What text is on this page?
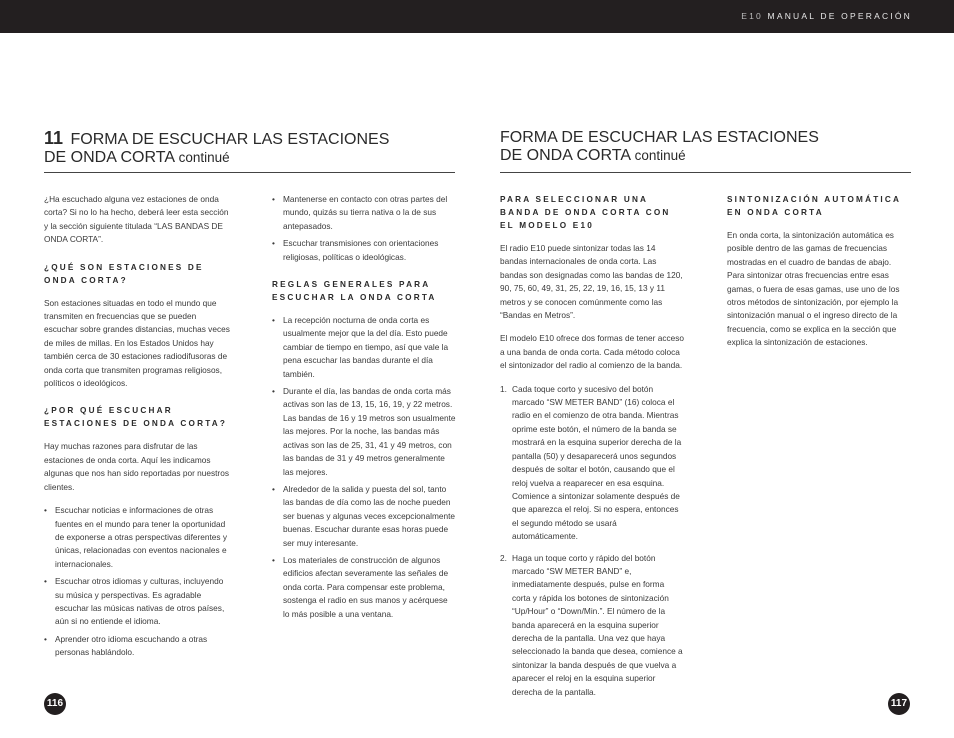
E10 MANUAL DE OPERACIÓN
11 FORMA DE ESCUCHAR LAS ESTACIONES
DE ONDA CORTA continué

¿Ha escuchado alguna vez estaciones de onda corta? Si no lo ha hecho, deberá leer esta sección y la sección siguiente titulada “LAS BANDAS DE ONDA CORTA”.

¿QUÉ SON ESTACIONES DE ONDA CORTA?

Son estaciones situadas en todo el mundo que transmiten en frecuencias que se pueden escuchar sobre grandes distancias, muchas veces de miles de millas. En los Estados Unidos hay también cerca de 30 estaciones radiodifusoras de onda corta que transmiten programas religiosos, políticos o ideológicos.

¿POR QUÉ ESCUCHAR ESTACIONES DE ONDA CORTA?

Hay muchas razones para disfrutar de las estaciones de onda corta. Aquí les indicamos algunas que nos han sido reportadas por nuestros clientes.

• Escuchar noticias e informaciones de otras fuentes en el mundo para tener la oportunidad de exponerse a otras perspectivas diferentes y únicas, relacionadas con eventos nacionales e internacionales.
• Escuchar otros idiomas y culturas, incluyendo su música y perspectivas. Es agradable escuchar las músicas nativas de otros países, aún si no entiende el idioma.
• Aprender otro idioma escuchando a otras personas hablándolo.
• Mantenerse en contacto con otras partes del mundo, quizás su tierra nativa o la de sus antepasados.
• Escuchar transmisiones con orientaciones religiosas, políticas o ideológicas.
REGLAS GENERALES PARA ESCUCHAR LA ONDA CORTA
• La recepción nocturna de onda corta es usualmente mejor que la del día. Esto puede cambiar de tiempo en tiempo, así que vale la pena escuchar las bandas durante el día también.
• Durante el día, las bandas de onda corta más activas son las de 13, 15, 16, 19, y 22 metros. Las bandas de 16 y 19 metros son usualmente las mejores. Por la noche, las bandas más activas son las de 25, 31, 41 y 49 metros, con las bandas de 31 y 49 metros generalmente las mejores.
• Alrededor de la salida y puesta del sol, tanto las bandas de día como las de noche pueden ser buenas y algunas veces excepcionalmente buenas. Escuchar durante esas horas puede ser muy interesante.
• Los materiales de construcción de algunos edificios afectan severamente las señales de onda corta. Para compensar este problema, sostenga el radio en sus manos y acérquese lo más posible a una ventana.
116
FORMA DE ESCUCHAR LAS ESTACIONES
DE ONDA CORTA continué
PARA SELECCIONAR UNA BANDA DE ONDA CORTA CON EL MODELO E10

El radio E10 puede sintonizar todas las 14 bandas internacionales de onda corta. Las bandas son designadas como las bandas de 120, 90, 75, 60, 49, 31, 25, 22, 19, 16, 15, 13 y 11 metros y se conocen comúnmente como las “Bandas en Metros”.

El modelo E10 ofrece dos formas de tener acceso a una banda de onda corta. Cada método coloca el sintonizador del radio al comienzo de la banda.

1. Cada toque corto y sucesivo del botón marcado “SW METER BAND” (16) coloca el radio en el comienzo de otra banda. Mientras oprime este botón, el número de la banda se mostrará en la esquina superior derecha de la pantalla (50) y desaparecerá unos segundos después de soltar el botón, causando que el reloj vuelva a reaparecer en esa esquina. Comience a sintonizar solamente después de que aparezca el reloj. Si no espera, entonces el segundo método se usará automáticamente.
2. Haga un toque corto y rápido del botón marcado “SW METER BAND” e, inmediatamente después, pulse en forma corta y rápida los botones de sintonización “Up/Hour” o “Down/Min.”. El número de la banda aparecerá en la esquina superior derecha de la pantalla. Una vez que haya seleccionado la banda que desea, comience a sintonizar la banda después de que vuelva a aparecer el reloj en la esquina superior derecha de la pantalla.
SINTONIZACIÓN AUTOMÁTICA EN ONDA CORTA

En onda corta, la sintonización automática es posible dentro de las gamas de frecuencias mostradas en el cuadro de bandas de abajo. Para sintonizar otras frecuencias entre esas gamas, o fuera de esas gamas, use uno de los otros métodos de sintonización, por ejemplo la sintonización manual o el ingreso directo de la frecuencia, como se explica en la sección que explica la sintonización de estaciones.

117
